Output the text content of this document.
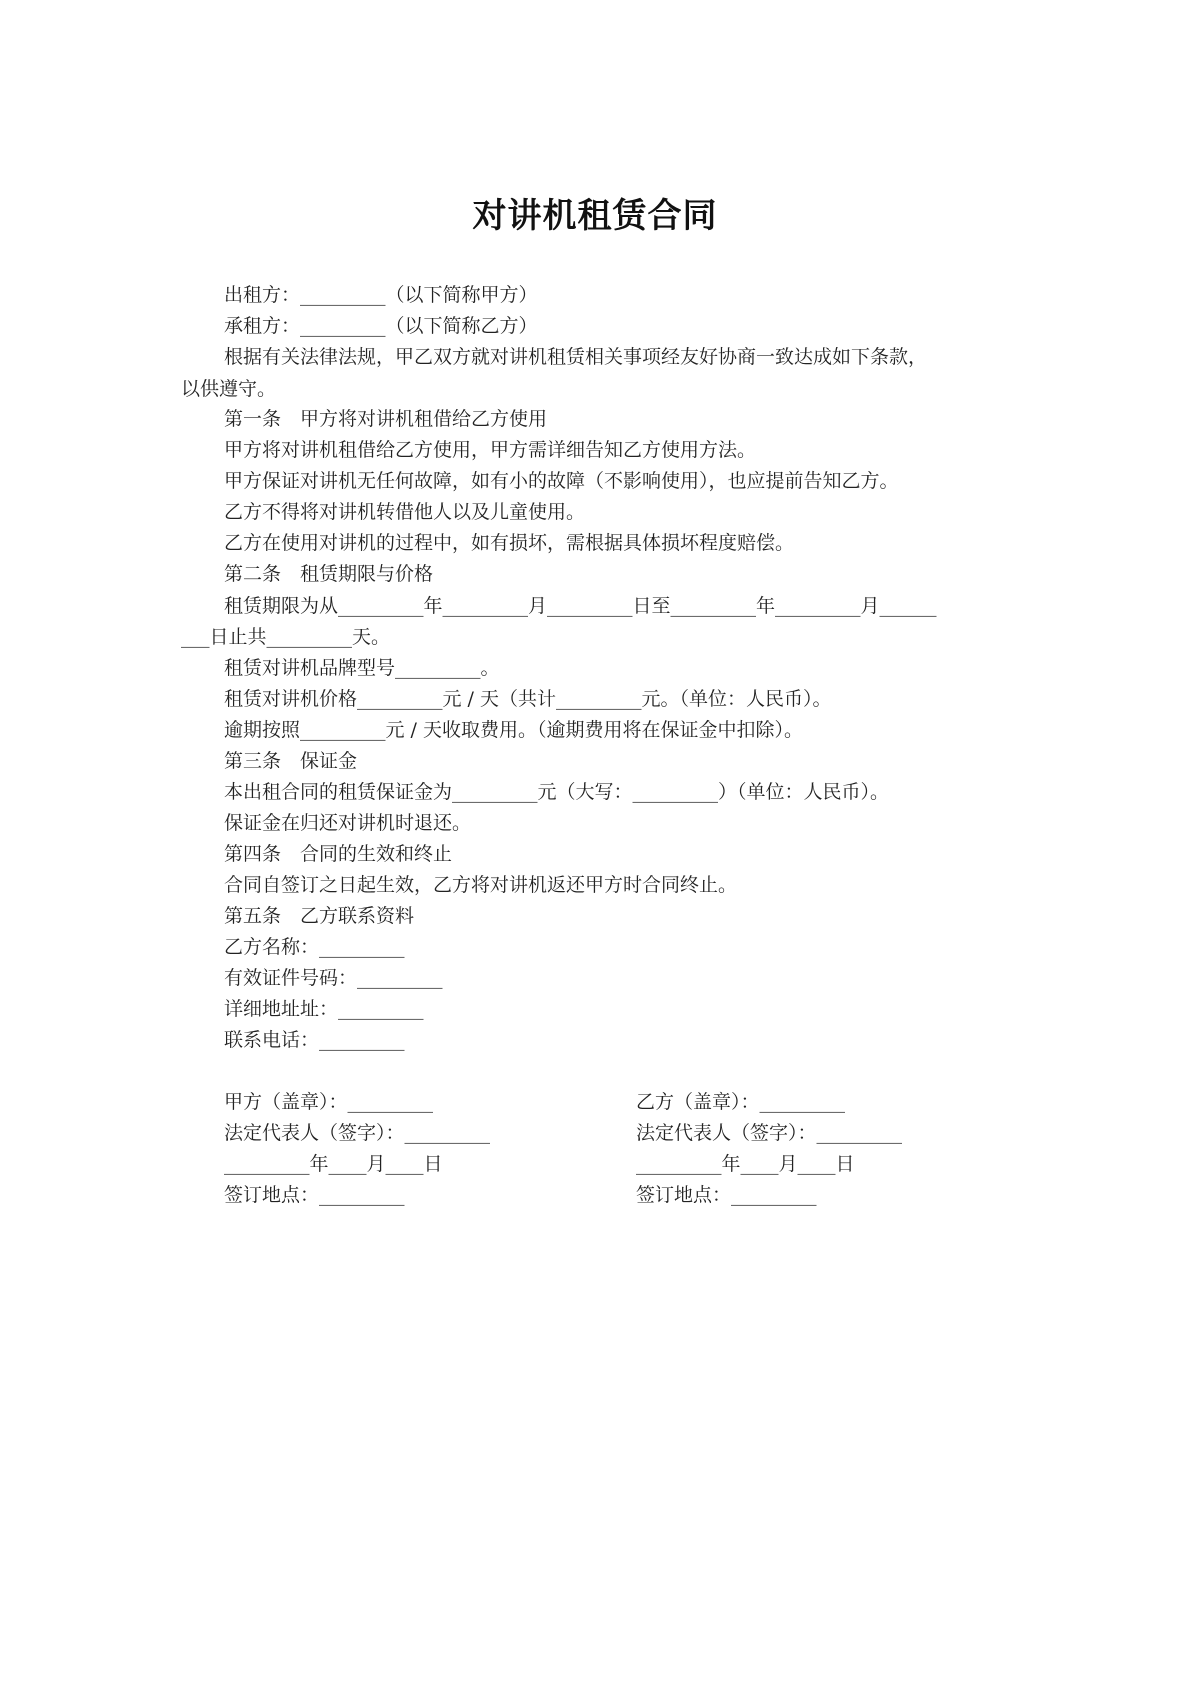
对讲机租赁合同
出租方：_________（以下简称甲方）
承租方：_________（以下简称乙方）
根据有关法律法规，甲乙双方就对讲机租赁相关事项经友好协商一致达成如下条款，
以供遵守。
第一条　甲方将对讲机租借给乙方使用
甲方将对讲机租借给乙方使用，甲方需详细告知乙方使用方法。
甲方保证对讲机无任何故障，如有小的故障（不影响使用），也应提前告知乙方。
乙方不得将对讲机转借他人以及儿童使用。
乙方在使用对讲机的过程中，如有损坏，需根据具体损坏程度赔偿。
第二条　租赁期限与价格
租赁期限为从_________年_________月_________日至_________年_________月______
___日止共_________天。
租赁对讲机品牌型号_________。
租赁对讲机价格_________元 / 天（共计_________元。（单位：人民币）。
逾期按照_________元 / 天收取费用。（逾期费用将在保证金中扣除）。
第三条　保证金
本出租合同的租赁保证金为_________元（大写：_________）（单位：人民币）。
保证金在归还对讲机时退还。
第四条　合同的生效和终止
合同自签订之日起生效，乙方将对讲机返还甲方时合同终止。
第五条　乙方联系资料
乙方名称：_________
有效证件号码：_________
详细地址址：_________
联系电话：_________
甲方（盖章）：_________
法定代表人（签字）：_________
_________年____月____日
签订地点：_________
乙方（盖章）：_________
法定代表人（签字）：_________
_________年____月____日
签订地点：_________
